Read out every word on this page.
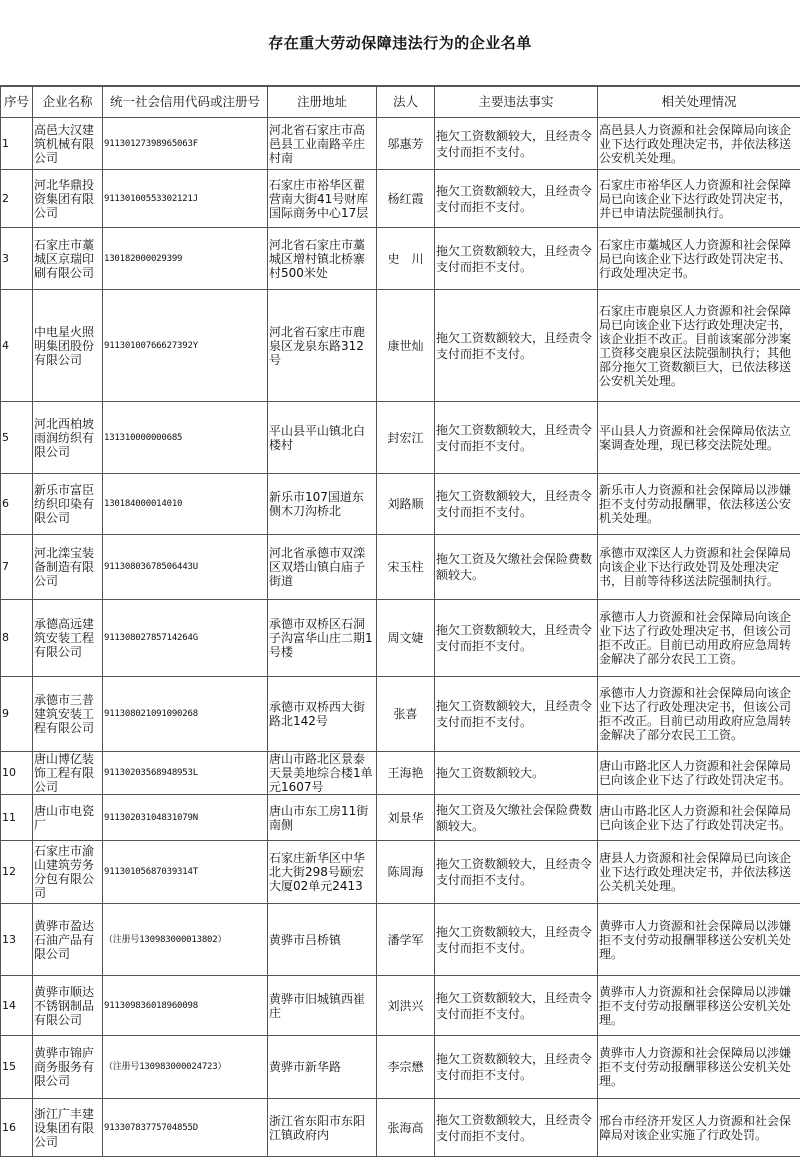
存在重大劳动保障违法行为的企业名单
序号	企业名称	统一社会信用代码或注册号	注册地址	法人	主要违法事实	相关处理情况
1	高邑大汉建筑机械有限公司	91130127398965063F	河北省石家庄市高邑县工业南路辛庄村南	邬惠芳	拖欠工资数额较大，且经责令支付而拒不支付。	高邑县人力资源和社会保障局向该企业下达行政处理决定书，并依法移送公安机关处理。
2	河北华鼎投资集团有限公司	91130100553302121J	石家庄市裕华区翟营南大街41号财库国际商务中心17层	杨红霞	拖欠工资数额较大，且经责令支付而拒不支付。	石家庄市裕华区人力资源和社会保障局已向该企业下达行政处罚决定书，并已申请法院强制执行。
3	石家庄市藁城区京瑞印刷有限公司	130182000029399	河北省石家庄市藁城区增村镇北桥寨村500米处	史　川	拖欠工资数额较大，且经责令支付而拒不支付。	石家庄市藁城区人力资源和社会保障局已向该企业下达行政处罚决定书、行政处理决定书。
4	中电星火照明集团股份有限公司	91130100766627392Y	河北省石家庄市鹿泉区龙泉东路312号	康世灿	拖欠工资数额较大，且经责令支付而拒不支付。	石家庄市鹿泉区人力资源和社会保障局已向该企业下达行政处理决定书，该企业拒不改正。目前该案部分涉案工资移交鹿泉区法院强制执行；其他部分拖欠工资数额巨大，已依法移送公安机关处理。
5	河北西柏坡雨润纺织有限公司	131310000000685	平山县平山镇北白楼村	封宏江	拖欠工资数额较大，且经责令支付而拒不支付。	平山县人力资源和社会保障局依法立案调查处理，现已移交法院处理。
6	新乐市富臣纺织印染有限公司	130184000014010	新乐市107国道东侧木刀沟桥北	刘路顺	拖欠工资数额较大，且经责令支付而拒不支付。	新乐市人力资源和社会保障局以涉嫌拒不支付劳动报酬罪，依法移送公安机关处理。
7	河北滦宝装备制造有限公司	91130803678506443U	河北省承德市双滦区双塔山镇白庙子街道	宋玉柱	拖欠工资及欠缴社会保险费数额较大。	承德市双滦区人力资源和社会保障局向该企业下达行政处罚及处理决定书，目前等待移送法院强制执行。
8	承德高远建筑安装工程有限公司	91130802785714264G	承德市双桥区石洞子沟富华山庄二期1号楼	周文婕	拖欠工资数额较大，且经责令支付而拒不支付。	承德市人力资源和社会保障局向该企业下达了行政处理决定书，但该公司拒不改正。目前已动用政府应急周转金解决了部分农民工工资。
9	承德市三普建筑安装工程有限公司	911308021091090268	承德市双桥西大街路北142号	张喜	拖欠工资数额较大，且经责令支付而拒不支付。	承德市人力资源和社会保障局向该企业下达了行政处理决定书，但该公司拒不改正。目前已动用政府应急周转金解决了部分农民工工资。
10	唐山博亿装饰工程有限公司	91130203568948953L	唐山市路北区景泰天景美地综合楼1单元1607号	王海艳	拖欠工资数额较大。	唐山市路北区人力资源和社会保障局已向该企业下达了行政处罚决定书。
11	唐山市电瓷厂	91130203104831079N	唐山市东工房11街南侧	刘景华	拖欠工资及欠缴社会保险费数额较大。	唐山市路北区人力资源和社会保障局已向该企业下达了行政处罚决定书。
12	石家庄市渝山建筑劳务分包有限公司	91130105687039314T	石家庄新华区中华北大街298号颐宏大厦02单元2413	陈周海	拖欠工资数额较大，且经责令支付而拒不支付。	唐县人力资源和社会保障局已向该企业下达行政处理决定书，并依法移送公关机关处理。
13	黄骅市盈达石油产品有限公司	（注册号130983000013802）	黄骅市吕桥镇	潘学军	拖欠工资数额较大，且经责令支付而拒不支付。	黄骅市人力资源和社会保障局以涉嫌拒不支付劳动报酬罪移送公安机关处理。
14	黄骅市顺达不锈钢制品有限公司	91130983601896009​8	黄骅市旧城镇西崔庄	刘洪兴	拖欠工资数额较大，且经责令支付而拒不支付。	黄骅市人力资源和社会保障局以涉嫌拒不支付劳动报酬罪移送公安机关处理。
15	黄骅市锦庐商务服务有限公司	（注册号130983000024723）	黄骅市新华路	李宗懋	拖欠工资数额较大，且经责令支付而拒不支付。	黄骅市人力资源和社会保障局以涉嫌拒不支付劳动报酬罪移送公安机关处理。
16	浙江广丰建设集团有限公司	91330783775704855D	浙江省东阳市东阳江镇政府内	张海高	拖欠工资数额较大，且经责令支付而拒不支付。	邢台市经济开发区人力资源和社会保障局对该企业实施了行政处罚。
